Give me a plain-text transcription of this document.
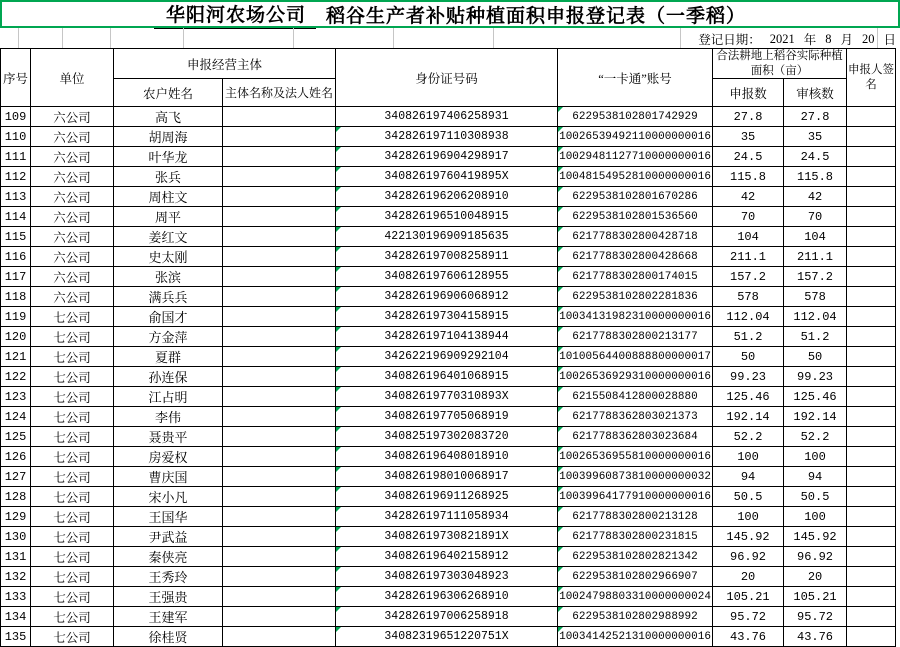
华阳河农场公司	稻谷生产者补贴种植面积申报登记表（一季稻）
登记日期： 2021 年 8 月 20 日
序号	单位	申报经营主体		身份证号码	“一卡通”账号	合法耕地上稻谷实际种植面积（亩）		申报人签名
		农户姓名	主体名称及法人姓名			申报数	审核数	
109	六公司	高飞		340826197406258931	6229538102801742929	27.8	27.8	
110	六公司	胡周海		342826197110308938	10026539492110000000016	35	35	
111	六公司	叶华龙		342826196904298917	10029481127710000000016	24.5	24.5	
112	六公司	张兵		34082619760419895X	10048154952810000000016	115.8	115.8	
113	六公司	周柱文		342826196206208910	6229538102801670286	42	42	
114	六公司	周平		342826196510048915	6229538102801536560	70	70	
115	六公司	姜红文		422130196909185635	6217788302800428718	104	104	
116	六公司	史太刚		342826197008258911	6217788302800428668	211.1	211.1	
117	六公司	张滨		340826197606128955	6217788302800174015	157.2	157.2	
118	六公司	满兵兵		342826196906068912	6229538102802281836	578	578	
119	七公司	俞国才		342826197304158915	10034131982310000000016	112.04	112.04	
120	七公司	方金萍		342826197104138944	6217788302800213177	51.2	51.2	
121	七公司	夏群		342622196909292104	10100564400888800000017	50	50	
122	七公司	孙连保		340826196401068915	10026536929310000000016	99.23	99.23	
123	七公司	江占明		34082619770310893X	6215508412800028880	125.46	125.46	
124	七公司	李伟		340826197705068919	6217788362803021373	192.14	192.14	
125	七公司	聂贵平		340825197302083720	6217788362803023684	52.2	52.2	
126	七公司	房爱权		340826196408018910	10026536955810000000016	100	100	
127	七公司	曹庆国		340826198010068917	10039960873810000000032	94	94	
128	七公司	宋小凡		340826196911268925	10039964177910000000016	50.5	50.5	
129	七公司	王国华		342826197111058934	6217788302800213128	100	100	
130	七公司	尹武益		34082619730821891X	6217788302800231815	145.92	145.92	
131	七公司	秦侠亮		340826196402158912	6229538102802821342	96.92	96.92	
132	七公司	王秀玲		340826197303048923	6229538102802966907	20	20	
133	七公司	王强贵		342826196306268910	10024798803310000000024	105.21	105.21	
134	七公司	王建军		342826197006258918	6229538102802988992	95.72	95.72	
135	七公司	徐桂贤		34082319651220751X	10034142521310000000016	43.76	43.76	
